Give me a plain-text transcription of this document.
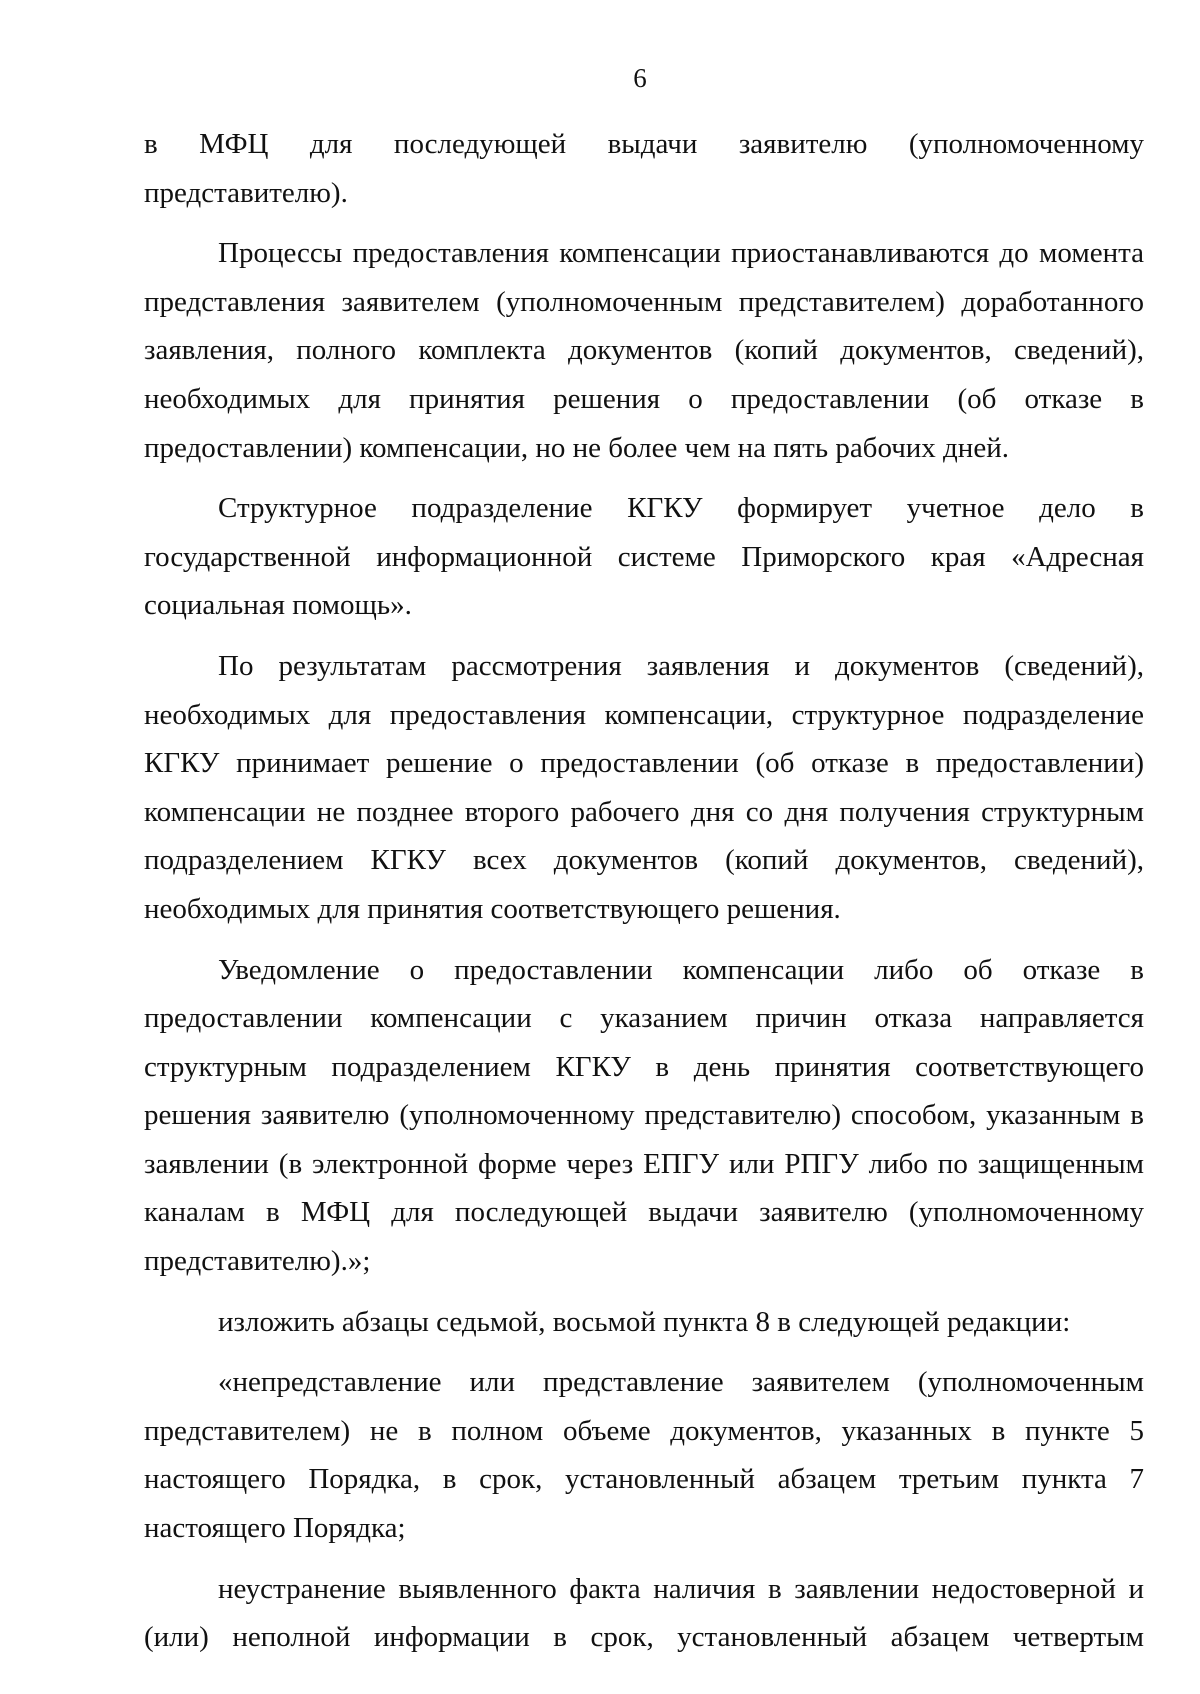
6

в МФЦ для последующей выдачи заявителю (уполномоченному представителю).

Процессы предоставления компенсации приостанавливаются до момента представления заявителем (уполномоченным представителем) доработанного заявления, полного комплекта документов (копий документов, сведений), необходимых для принятия решения о предоставлении (об отказе в предоставлении) компенсации, но не более чем на пять рабочих дней.

Структурное подразделение КГКУ формирует учетное дело в государственной информационной системе Приморского края «Адресная социальная помощь».

По результатам рассмотрения заявления и документов (сведений), необходимых для предоставления компенсации, структурное подразделение КГКУ принимает решение о предоставлении (об отказе в предоставлении) компенсации не позднее второго рабочего дня со дня получения структурным подразделением КГКУ всех документов (копий документов, сведений), необходимых для принятия соответствующего решения.

Уведомление о предоставлении компенсации либо об отказе в предоставлении компенсации с указанием причин отказа направляется структурным подразделением КГКУ в день принятия соответствующего решения заявителю (уполномоченному представителю) способом, указанным в заявлении (в электронной форме через ЕПГУ или РПГУ либо по защищенным каналам в МФЦ для последующей выдачи заявителю (уполномоченному представителю).»;

изложить абзацы седьмой, восьмой пункта 8 в следующей редакции:

«непредставление или представление заявителем (уполномоченным представителем) не в полном объеме документов, указанных в пункте 5 настоящего Порядка, в срок, установленный абзацем третьим пункта 7 настоящего Порядка;

неустранение выявленного факта наличия в заявлении недостоверной и (или) неполной информации в срок, установленный абзацем четвертым
